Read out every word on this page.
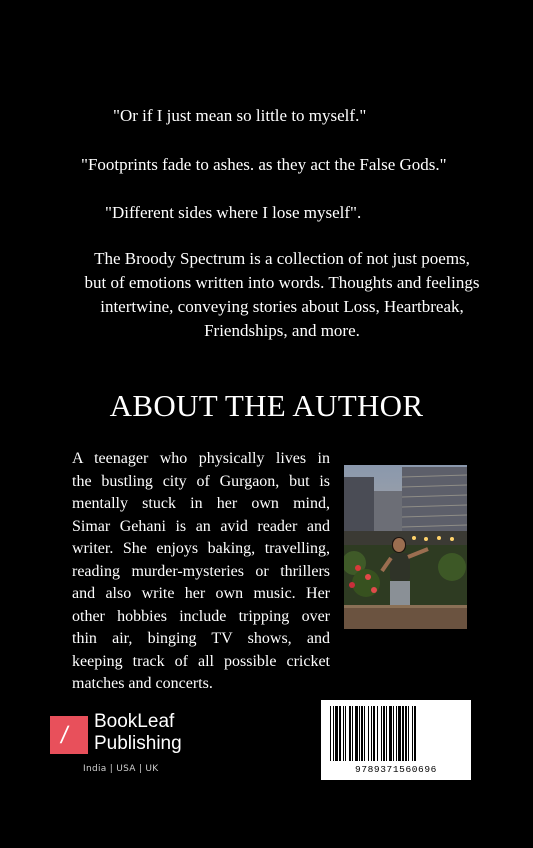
"Or if I just mean so little to myself."
"Footprints fade to ashes. as they act the False Gods."
"Different sides where I lose myself".
The Broody Spectrum is a collection of not just poems,
but of emotions written into words. Thoughts and feelings
intertwine, conveying stories about Loss, Heartbreak,
Friendships, and more.
ABOUT THE AUTHOR
A teenager who physically lives in
the bustling city of Gurgaon, but is
mentally stuck in her own mind,
Simar Gehani is an avid reader and
writer. She enjoys baking, travelling,
reading murder-mysteries or thrillers
and also write her own music. Her
other hobbies include tripping over
thin air, binging TV shows, and
keeping track of all possible cricket
matches and concerts.
/
BookLeaf
Publishing
India | USA | UK	9789371560696
